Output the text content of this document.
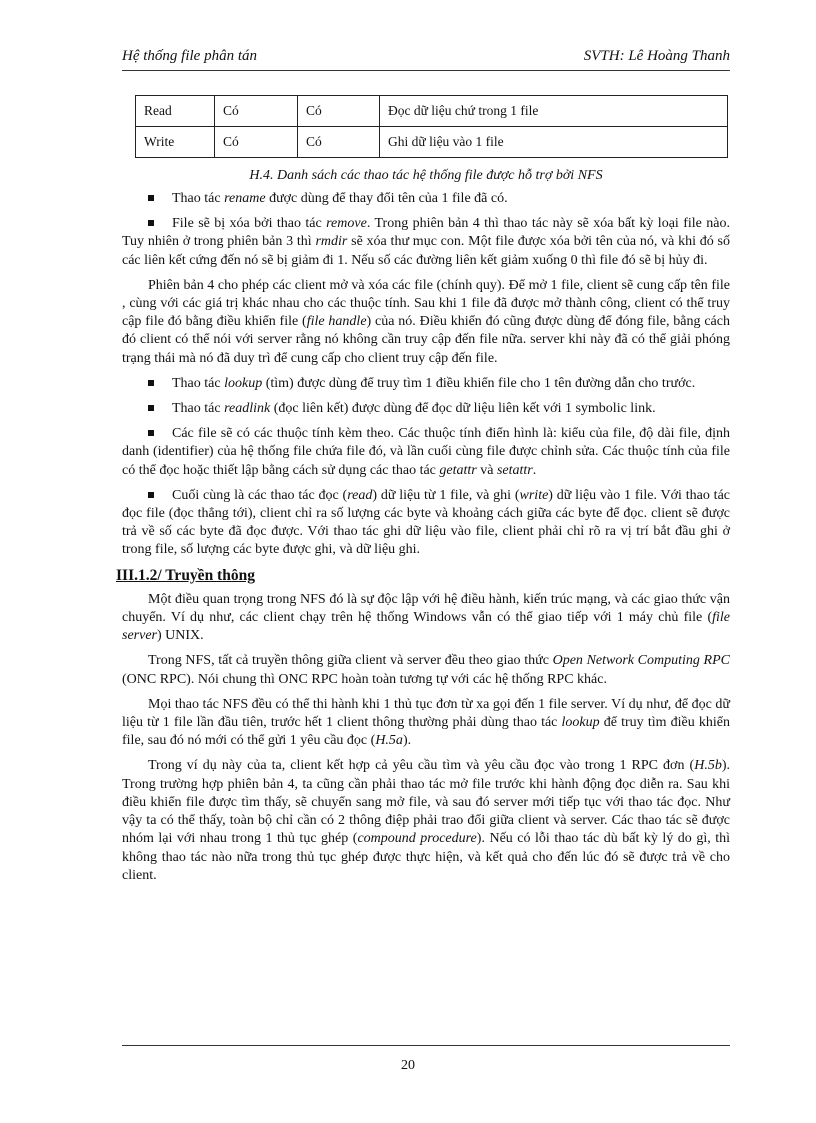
Hệ thống file phân tán	SVTH: Lê Hoàng Thanh
Read	Có	Có	Đọc dữ liệu chứ trong 1 file
Write	Có	Có	Ghi dữ liệu vào 1 file
H.4. Danh sách các thao tác hệ thống file được hỗ trợ bởi NFS

Thao tác rename được dùng để thay đổi tên của 1 file đã có.

File sẽ bị xóa bởi thao tác remove. Trong phiên bản 4 thì thao tác này sẽ xóa bất kỳ loại file nào. Tuy nhiên ở trong phiên bản 3 thì rmdir sẽ xóa thư mục con. Một file được xóa bởi tên của nó, và khi đó số các liên kết cứng đến nó sẽ bị giảm đi 1. Nếu số các đường liên kết giảm xuống 0 thì file đó sẽ bị hủy đi.

Phiên bản 4 cho phép các client mở và xóa các file (chính quy). Để mở 1 file, client sẽ cung cấp tên file , cùng với các giá trị khác nhau cho các thuộc tính. Sau khi 1 file đã được mở thành công, client có thể truy cập file đó bằng điều khiển file (file handle) của nó. Điều khiển đó cũng được dùng để đóng file, bằng cách đó client có thể nói với server rằng nó không cần truy cập đến file nữa. server khi này đã có thể giải phóng trạng thái mà nó đã duy trì để cung cấp cho client truy cập đến file.

Thao tác lookup (tìm) được dùng để truy tìm 1 điều khiển file cho 1 tên đường dẫn cho trước.

Thao tác readlink (đọc liên kết) được dùng để đọc dữ liệu liên kết với 1 symbolic link.

Các file sẽ có các thuộc tính kèm theo. Các thuộc tính điển hình là: kiểu của file, độ dài file, định danh (identifier) của hệ thống file chứa file đó, và lần cuối cùng file được chỉnh sửa. Các thuộc tính của file có thể đọc hoặc thiết lập bằng cách sử dụng các thao tác getattr và setattr.

Cuối cùng là các thao tác đọc (read) dữ liệu từ 1 file, và ghi (write) dữ liệu vào 1 file. Với thao tác đọc file (đọc thẳng tới), client chỉ ra số lượng các byte và khoảng cách giữa các byte để đọc. client sẽ được trả về số các byte đã đọc được. Với thao tác ghi dữ liệu vào file, client phải chỉ rõ ra vị trí bắt đầu ghi ở trong file, số lượng các byte được ghi, và dữ liệu ghi.

III.1.2/ Truyền thông

Một điều quan trọng trong NFS đó là sự độc lập với hệ điều hành, kiến trúc mạng, và các giao thức vận chuyển. Ví dụ như, các client chạy trên hệ thống Windows vẫn có thể giao tiếp với 1 máy chủ file (file server) UNIX.

Trong NFS, tất cả truyền thông giữa client và server đều theo giao thức Open Network Computing RPC (ONC RPC). Nói chung thì ONC RPC hoàn toàn tương tự với các hệ thống RPC khác.

Mọi thao tác NFS đều có thể thi hành khi 1 thủ tục đơn từ xa gọi đến 1 file server. Ví dụ như, để đọc dữ liệu từ 1 file lần đầu tiên, trước hết 1 client thông thường phải dùng thao tác lookup để truy tìm điều khiển file, sau đó nó mới có thể gửi 1 yêu cầu đọc (H.5a).

Trong ví dụ này của ta, client kết hợp cả yêu cầu tìm và yêu cầu đọc vào trong 1 RPC đơn (H.5b). Trong trường hợp phiên bản 4, ta cũng cần phải thao tác mở file trước khi hành động đọc diễn ra. Sau khi điều khiển file được tìm thấy, sẽ chuyển sang mở file, và sau đó server mới tiếp tục với thao tác đọc. Như vậy ta có thể thấy, toàn bộ chỉ cần có 2 thông điệp phải trao đổi giữa client và server. Các thao tác sẽ được nhóm lại với nhau trong 1 thủ tục ghép (compound procedure). Nếu có lỗi thao tác dù bất kỳ lý do gì, thì không thao tác nào nữa trong thủ tục ghép được thực hiện, và kết quả cho đến lúc đó sẽ được trả về cho client.

20
